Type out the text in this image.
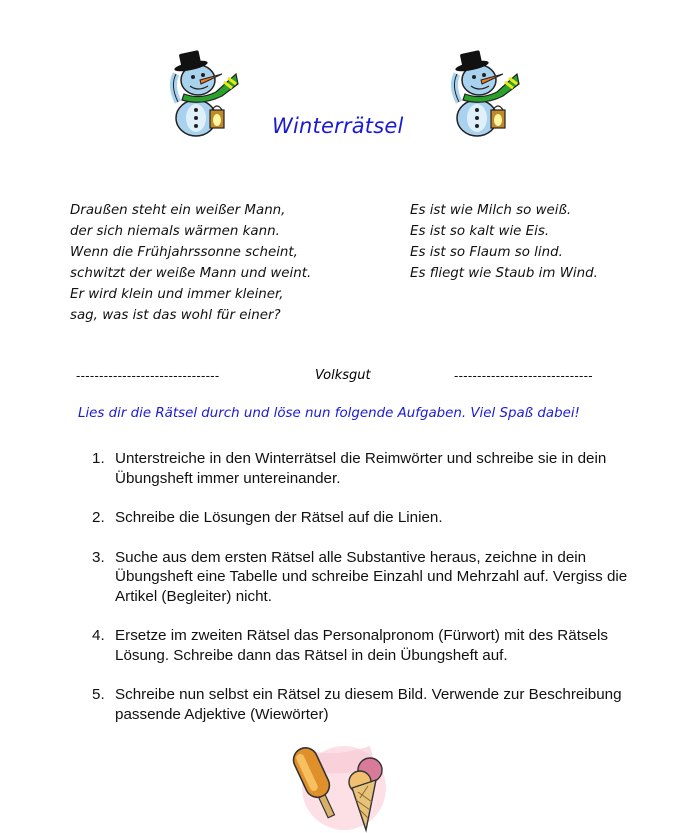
Winterrätsel
Draußen steht ein weißer Mann,
der sich niemals wärmen kann.
Wenn die Frühjahrssonne scheint,
schwitzt der weiße Mann und weint.
Er wird klein und immer kleiner,
sag, was ist das wohl für einer?
Es ist wie Milch so weiß.
Es ist so kalt wie Eis.
Es ist so Flaum so lind.
Es fliegt wie Staub im Wind.
-------------------------------	Volksgut	------------------------------
Lies dir die Rätsel durch und löse nun folgende Aufgaben. Viel Spaß dabei!
1. Unterstreiche in den Winterrätsel die Reimwörter und schreibe sie in dein Übungsheft immer untereinander.
2. Schreibe die Lösungen der Rätsel auf die Linien.
3. Suche aus dem ersten Rätsel alle Substantive heraus, zeichne in dein Übungsheft eine Tabelle und schreibe Einzahl und Mehrzahl auf. Vergiss die Artikel (Begleiter) nicht.
4. Ersetze im zweiten Rätsel das Personalpronom (Fürwort) mit des Rätsels Lösung. Schreibe dann das Rätsel in dein Übungsheft auf.
5. Schreibe nun selbst ein Rätsel zu diesem Bild. Verwende zur Beschreibung passende Adjektive (Wiewörter)
